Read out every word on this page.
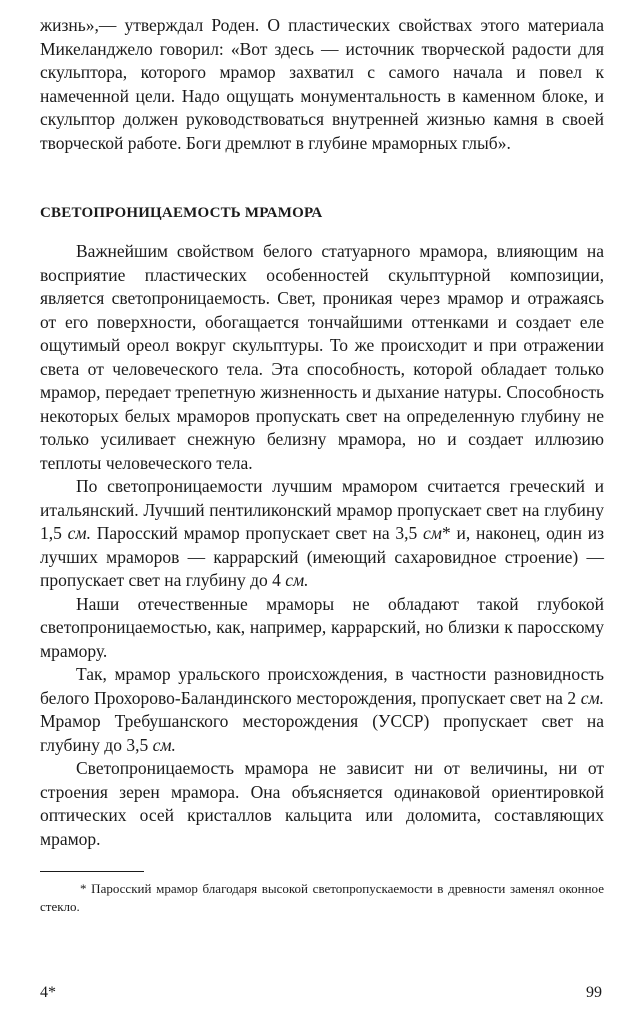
жизнь»,— утверждал Роден. О пластических свойствах этого материала Микеланджело говорил: «Вот здесь — источник творческой радости для скульптора, которого мрамор захватил с самого начала и повел к намеченной цели. Надо ощущать монументальность в каменном блоке, и скульптор должен руководствоваться внутренней жизнью камня в своей творческой работе. Боги дремлют в глубине мраморных глыб».

СВЕТОПРОНИЦАЕМОСТЬ МРАМОРА

Важнейшим свойством белого статуарного мрамора, влияющим на восприятие пластических особенностей скульптурной композиции, является светопроницаемость. Свет, проникая через мрамор и отражаясь от его поверхности, обогащается тончайшими оттенками и создает еле ощутимый ореол вокруг скульптуры. То же происходит и при отражении света от человеческого тела. Эта способность, которой обладает только мрамор, передает трепетную жизненность и дыхание натуры. Способность некоторых белых мраморов пропускать свет на определенную глубину не только усиливает снежную белизну мрамора, но и создает иллюзию теплоты человеческого тела.

По светопроницаемости лучшим мрамором считается греческий и итальянский. Лучший пентиликонский мрамор пропускает свет на глубину 1,5 см. Паросский мрамор пропускает свет на 3,5 см* и, наконец, один из лучших мраморов — каррарский (имеющий сахаровидное строение) — пропускает свет на глубину до 4 см.

Наши отечественные мраморы не обладают такой глубокой светопроницаемостью, как, например, каррарский, но близки к паросскому мрамору.

Так, мрамор уральского происхождения, в частности разновидность белого Прохорово-Баландинского месторождения, пропускает свет на 2 см. Мрамор Требушанского месторождения (УССР) пропускает свет на глубину до 3,5 см.

Светопроницаемость мрамора не зависит ни от величины, ни от строения зерен мрамора. Она объясняется одинаковой ориентировкой оптических осей кристаллов кальцита или доломита, составляющих мрамор.

* Паросский мрамор благодаря высокой светопропускаемости в древности заменял оконное стекло.

4*	99
